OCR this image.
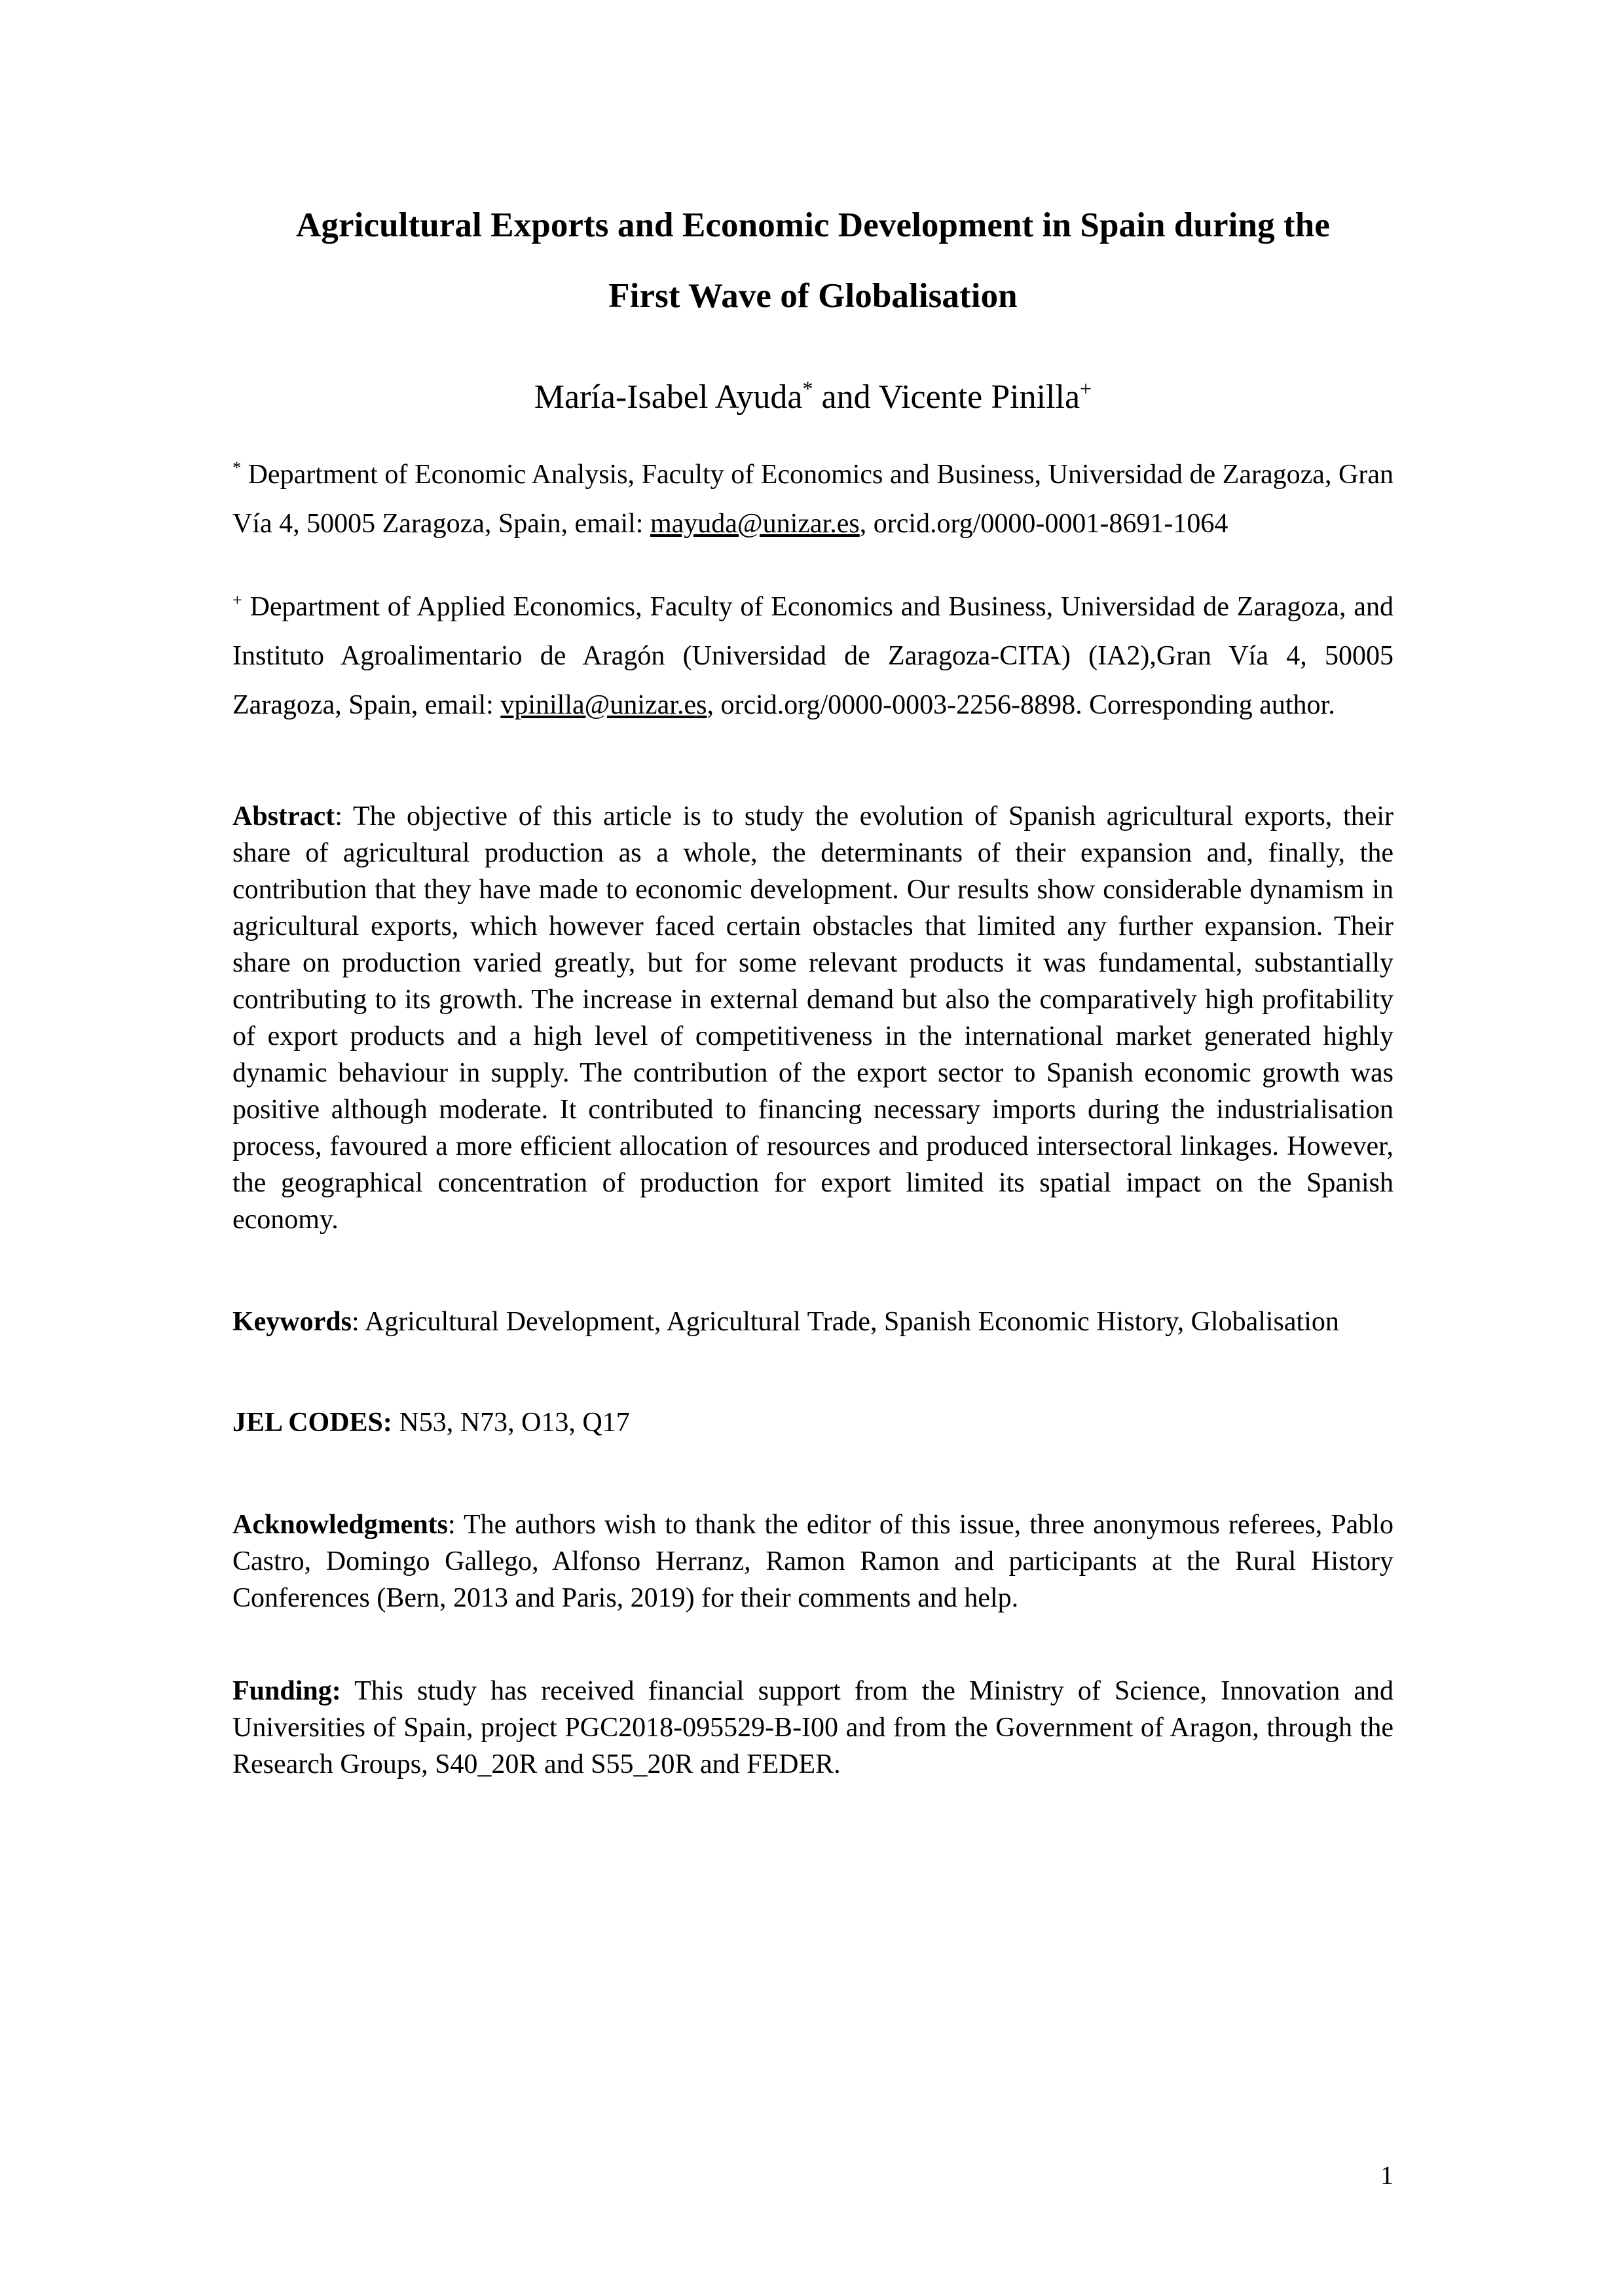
Agricultural Exports and Economic Development in Spain during the
First Wave of Globalisation
María-Isabel Ayuda* and Vicente Pinilla+
* Department of Economic Analysis, Faculty of Economics and Business, Universidad de Zaragoza, Gran Vía 4, 50005 Zaragoza, Spain, email: mayuda@unizar.es, orcid.org/0000-0001-8691-1064
+ Department of Applied Economics, Faculty of Economics and Business, Universidad de Zaragoza, and Instituto Agroalimentario de Aragón (Universidad de Zaragoza-CITA) (IA2),Gran Vía 4, 50005 Zaragoza, Spain, email: vpinilla@unizar.es, orcid.org/0000-0003-2256-8898. Corresponding author.
Abstract: The objective of this article is to study the evolution of Spanish agricultural exports, their share of agricultural production as a whole, the determinants of their expansion and, finally, the contribution that they have made to economic development. Our results show considerable dynamism in agricultural exports, which however faced certain obstacles that limited any further expansion. Their share on production varied greatly, but for some relevant products it was fundamental, substantially contributing to its growth. The increase in external demand but also the comparatively high profitability of export products and a high level of competitiveness in the international market generated highly dynamic behaviour in supply. The contribution of the export sector to Spanish economic growth was positive although moderate. It contributed to financing necessary imports during the industrialisation process, favoured a more efficient allocation of resources and produced intersectoral linkages. However, the geographical concentration of production for export limited its spatial impact on the Spanish economy.
Keywords: Agricultural Development, Agricultural Trade, Spanish Economic History, Globalisation
JEL CODES: N53, N73, O13, Q17
Acknowledgments: The authors wish to thank the editor of this issue, three anonymous referees, Pablo Castro, Domingo Gallego, Alfonso Herranz, Ramon Ramon and participants at the Rural History Conferences (Bern, 2013 and Paris, 2019) for their comments and help.
Funding: This study has received financial support from the Ministry of Science, Innovation and Universities of Spain, project PGC2018-095529-B-I00 and from the Government of Aragon, through the Research Groups, S40_20R and S55_20R and FEDER.
1
